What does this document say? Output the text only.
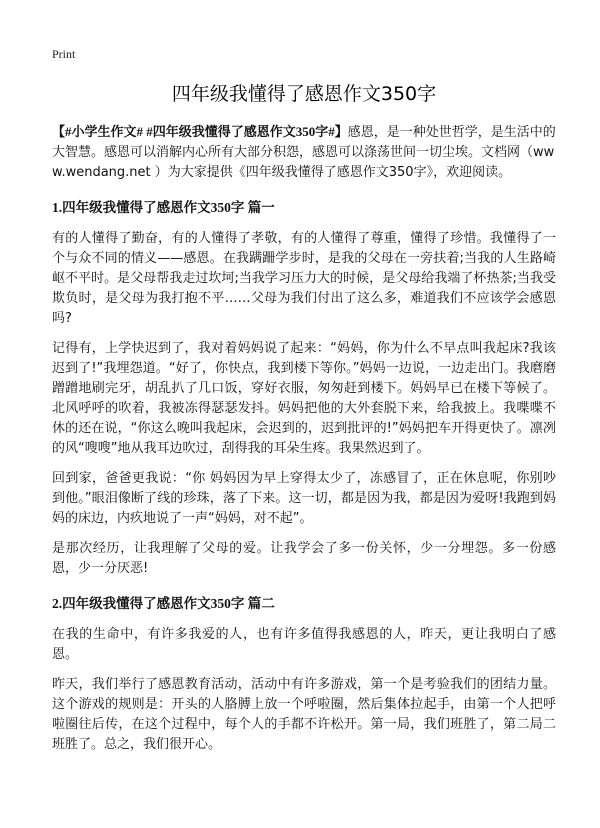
Print
四年级我懂得了感恩作文350字

【#小学生作文# #四年级我懂得了感恩作文350字#】感恩，是一种处世哲学，是生活中的大智慧。感恩可以消解内心所有大部分积怨，感恩可以涤荡世间一切尘埃。文档网（www.wendang.net ）为大家提供《四年级我懂得了感恩作文350字》，欢迎阅读。

1.四年级我懂得了感恩作文350字 篇一

有的人懂得了勤奋，有的人懂得了孝敬，有的人懂得了尊重，懂得了珍惜。我懂得了一个与众不同的情义——感恩。在我蹒跚学步时，是我的父母在一旁扶着;当我的人生路崎岖不平时。是父母帮我走过坎坷;当我学习压力大的时候，是父母给我端了杯热茶;当我受欺负时，是父母为我打抱不平……父母为我们付出了这么多，难道我们不应该学会感恩吗?

记得有，上学快迟到了，我对着妈妈说了起来：“妈妈，你为什么不早点叫我起床?我该迟到了!”我埋怨道。“好了，你快点，我到楼下等你。”妈妈一边说，一边走出门。我磨磨蹭蹭地刷完牙，胡乱扒了几口饭，穿好衣服，匆匆赶到楼下。妈妈早已在楼下等候了。北风呼呼的吹着，我被冻得瑟瑟发抖。妈妈把他的大外套脱下来，给我披上。我喋喋不休的还在说，“你这么晚叫我起床，会迟到的，迟到批评的!”妈妈把车开得更快了。凛冽的风“嗖嗖”地从我耳边吹过，刮得我的耳朵生疼。我果然迟到了。

回到家，爸爸更我说：“你 妈妈因为早上穿得太少了，冻感冒了，正在休息呢，你别吵到他。”眼泪像断了线的珍珠，落了下来。这一切，都是因为我，都是因为爱呀!我跑到妈妈的床边，内疚地说了一声“妈妈，对不起”。

是那次经历，让我理解了父母的爱。让我学会了多一份关怀，少一分埋怨。多一份感恩，少一分厌恶!

2.四年级我懂得了感恩作文350字 篇二

在我的生命中，有许多我爱的人，也有许多值得我感恩的人，昨天，更让我明白了感恩。

昨天，我们举行了感恩教育活动，活动中有许多游戏，第一个是考验我们的团结力量。这个游戏的规则是：开头的人胳膊上放一个呼啦圈，然后集体拉起手，由第一个人把呼啦圈往后传，在这个过程中，每个人的手都不许松开。第一局，我们班胜了，第二局二班胜了。总之，我们很开心。
